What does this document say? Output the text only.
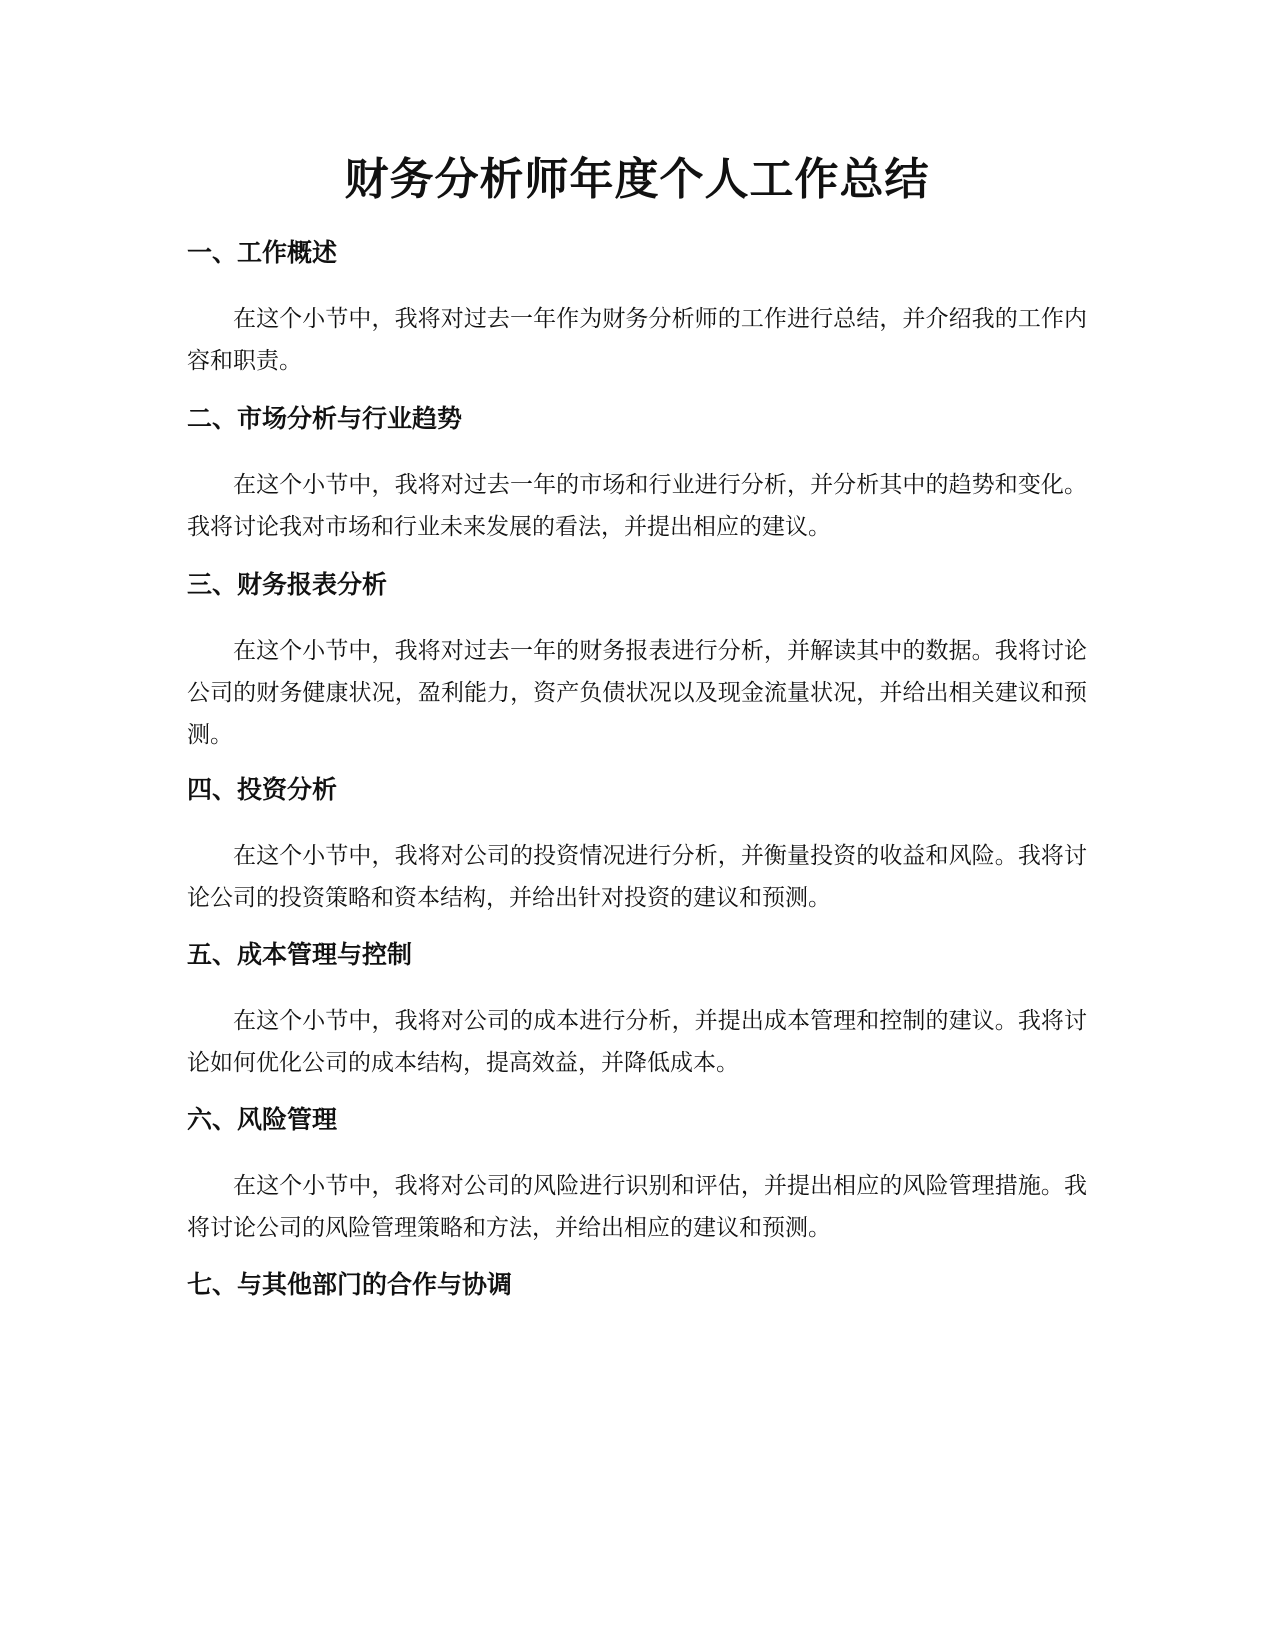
财务分析师年度个人工作总结
一、工作概述

在这个小节中，我将对过去一年作为财务分析师的工作进行总结，并介绍我的工作内容和职责。

二、市场分析与行业趋势

在这个小节中，我将对过去一年的市场和行业进行分析，并分析其中的趋势和变化。我将讨论我对市场和行业未来发展的看法，并提出相应的建议。

三、财务报表分析

在这个小节中，我将对过去一年的财务报表进行分析，并解读其中的数据。我将讨论公司的财务健康状况，盈利能力，资产负债状况以及现金流量状况，并给出相关建议和预测。

四、投资分析

在这个小节中，我将对公司的投资情况进行分析，并衡量投资的收益和风险。我将讨论公司的投资策略和资本结构，并给出针对投资的建议和预测。

五、成本管理与控制

在这个小节中，我将对公司的成本进行分析，并提出成本管理和控制的建议。我将讨论如何优化公司的成本结构，提高效益，并降低成本。

六、风险管理

在这个小节中，我将对公司的风险进行识别和评估，并提出相应的风险管理措施。我将讨论公司的风险管理策略和方法，并给出相应的建议和预测。

七、与其他部门的合作与协调
